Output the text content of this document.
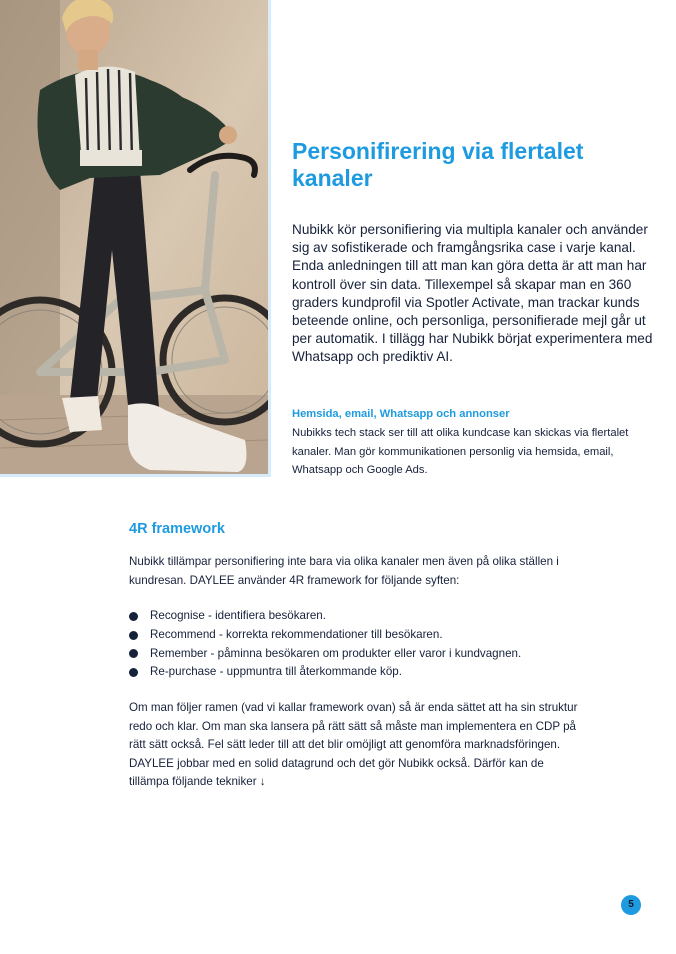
Personifirering via flertalet kanaler

Nubikk kör personifiering via multipla kanaler och använder sig av sofistikerade och framgångsrika case i varje kanal. Enda anledningen till att man kan göra detta är att man har kontroll över sin data. Tillexempel så skapar man en 360 graders kundprofil via Spotler Activate, man trackar kunds beteende online, och personliga, personifierade mejl går ut per automatik. I tillägg har Nubikk börjat experimentera med Whatsapp och prediktiv AI.

Hemsida, email, Whatsapp och annonser

Nubikks tech stack ser till att olika kundcase kan skickas via flertalet kanaler. Man gör kommunikationen personlig via hemsida, email, Whatsapp och Google Ads.

4R framework

Nubikk tillämpar personifiering inte bara via olika kanaler men även på olika ställen i kundresan. DAYLEE använder 4R framework for följande syften:

Recognise - identifiera besökaren.
Recommend - korrekta rekommendationer till besökaren.
Remember - påminna besökaren om produkter eller varor i kundvagnen.
Re-purchase - uppmuntra till återkommande köp.

Om man följer ramen (vad vi kallar framework ovan) så är enda sättet att ha sin struktur redo och klar. Om man ska lansera på rätt sätt så måste man implementera en CDP på rätt sätt också. Fel sätt leder till att det blir omöjligt att genomföra marknadsföringen. DAYLEE jobbar med en solid datagrund och det gör Nubikk också. Därför kan de tillämpa följande tekniker ↓

5
